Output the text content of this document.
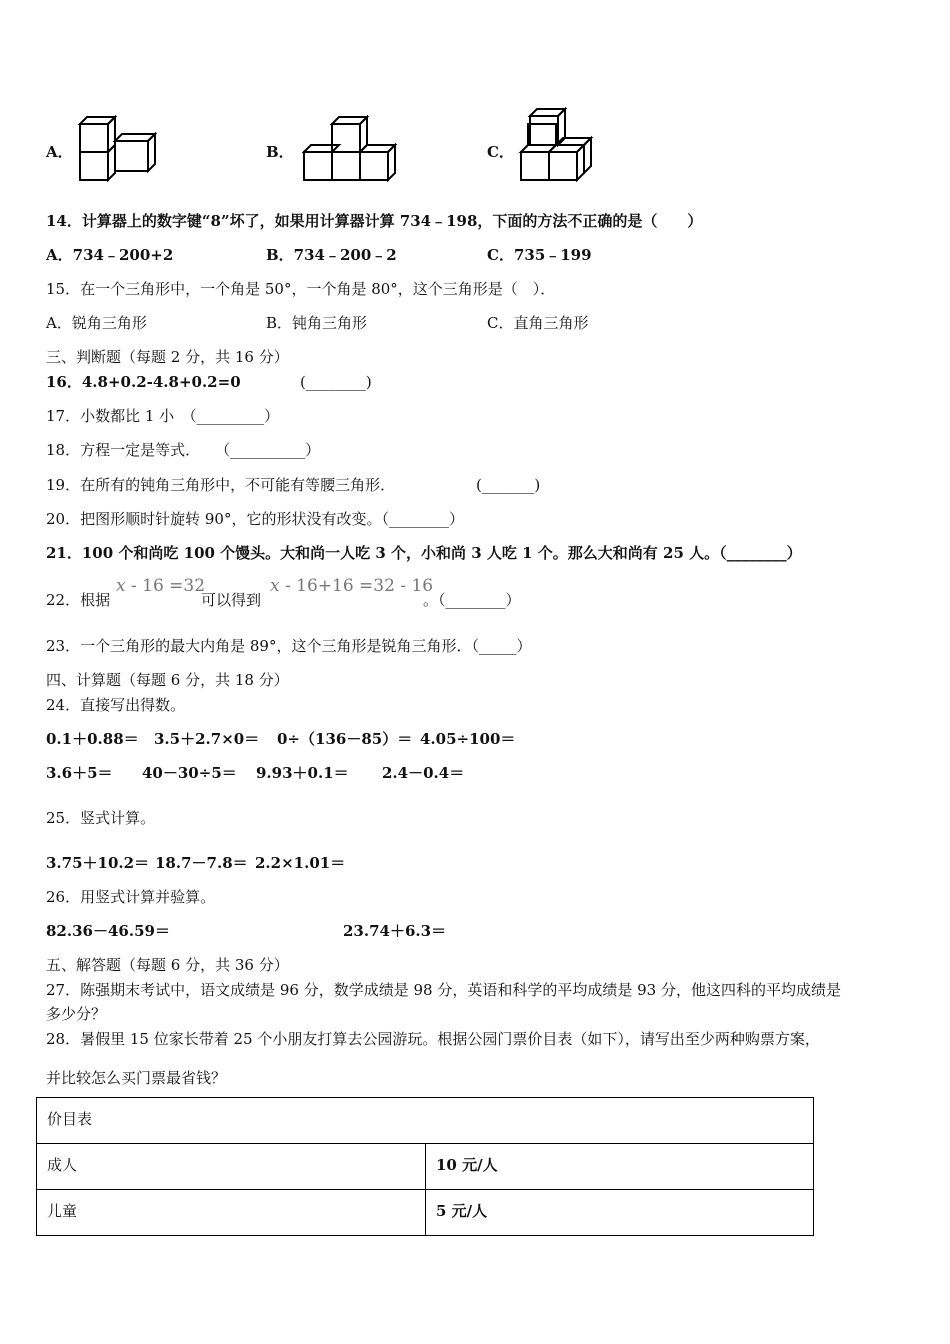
A．	B．	C．
14．计算器上的数字键“8”坏了，如果用计算器计算 734﹣198，下面的方法不正确的是（　　）
A．734﹣200+2	B．734﹣200﹣2	C．735﹣199
15．在一个三角形中，一个角是 50°，一个角是 80°，这个三角形是（　）．
A．锐角三角形	B．钝角三角形	C．直角三角形
三、判断题（每题 2 分，共 16 分）
16．4.8+0.2-4.8+0.2=0	(________)
17．小数都比 1 小　（_________）
18．方程一定是等式．　　（__________）
19．在所有的钝角三角形中，不可能有等腰三角形．	(_______)
20．把图形顺时针旋转 90°，它的形状没有改变。（________）
21．100 个和尚吃 100 个馒头。大和尚一人吃 3 个，小和尚 3 人吃 1 个。那么大和尚有 25 人。（________）
22．根据
x - 16 =32
可以得到
x - 16+16 =32 - 16
。（________）
23．一个三角形的最大内角是 89°，这个三角形是锐角三角形．（_____）
四、计算题（每题 6 分，共 18 分）
24．直接写出得数。
0.1＋0.88＝ 3.5＋2.7×0＝ 0÷（136－85）＝ 4.05÷100＝
3.6＋5＝ 40－30÷5＝ 9.93＋0.1＝ 2.4－0.4＝
25．竖式计算。
3.75＋10.2＝ 18.7－7.8＝ 2.2×1.01＝
26．用竖式计算并验算。
82.36－46.59＝	23.74＋6.3＝
五、解答题（每题 6 分，共 36 分）
27．陈强期末考试中，语文成绩是 96 分，数学成绩是 98 分，英语和科学的平均成绩是 93 分，他这四科的平均成绩是
多少分？
28．暑假里 15 位家长带着 25 个小朋友打算去公园游玩。根据公园门票价目表（如下），请写出至少两种购票方案，
并比较怎么买门票最省钱？
价目表	
成人	10 元/人
儿童	5 元/人
